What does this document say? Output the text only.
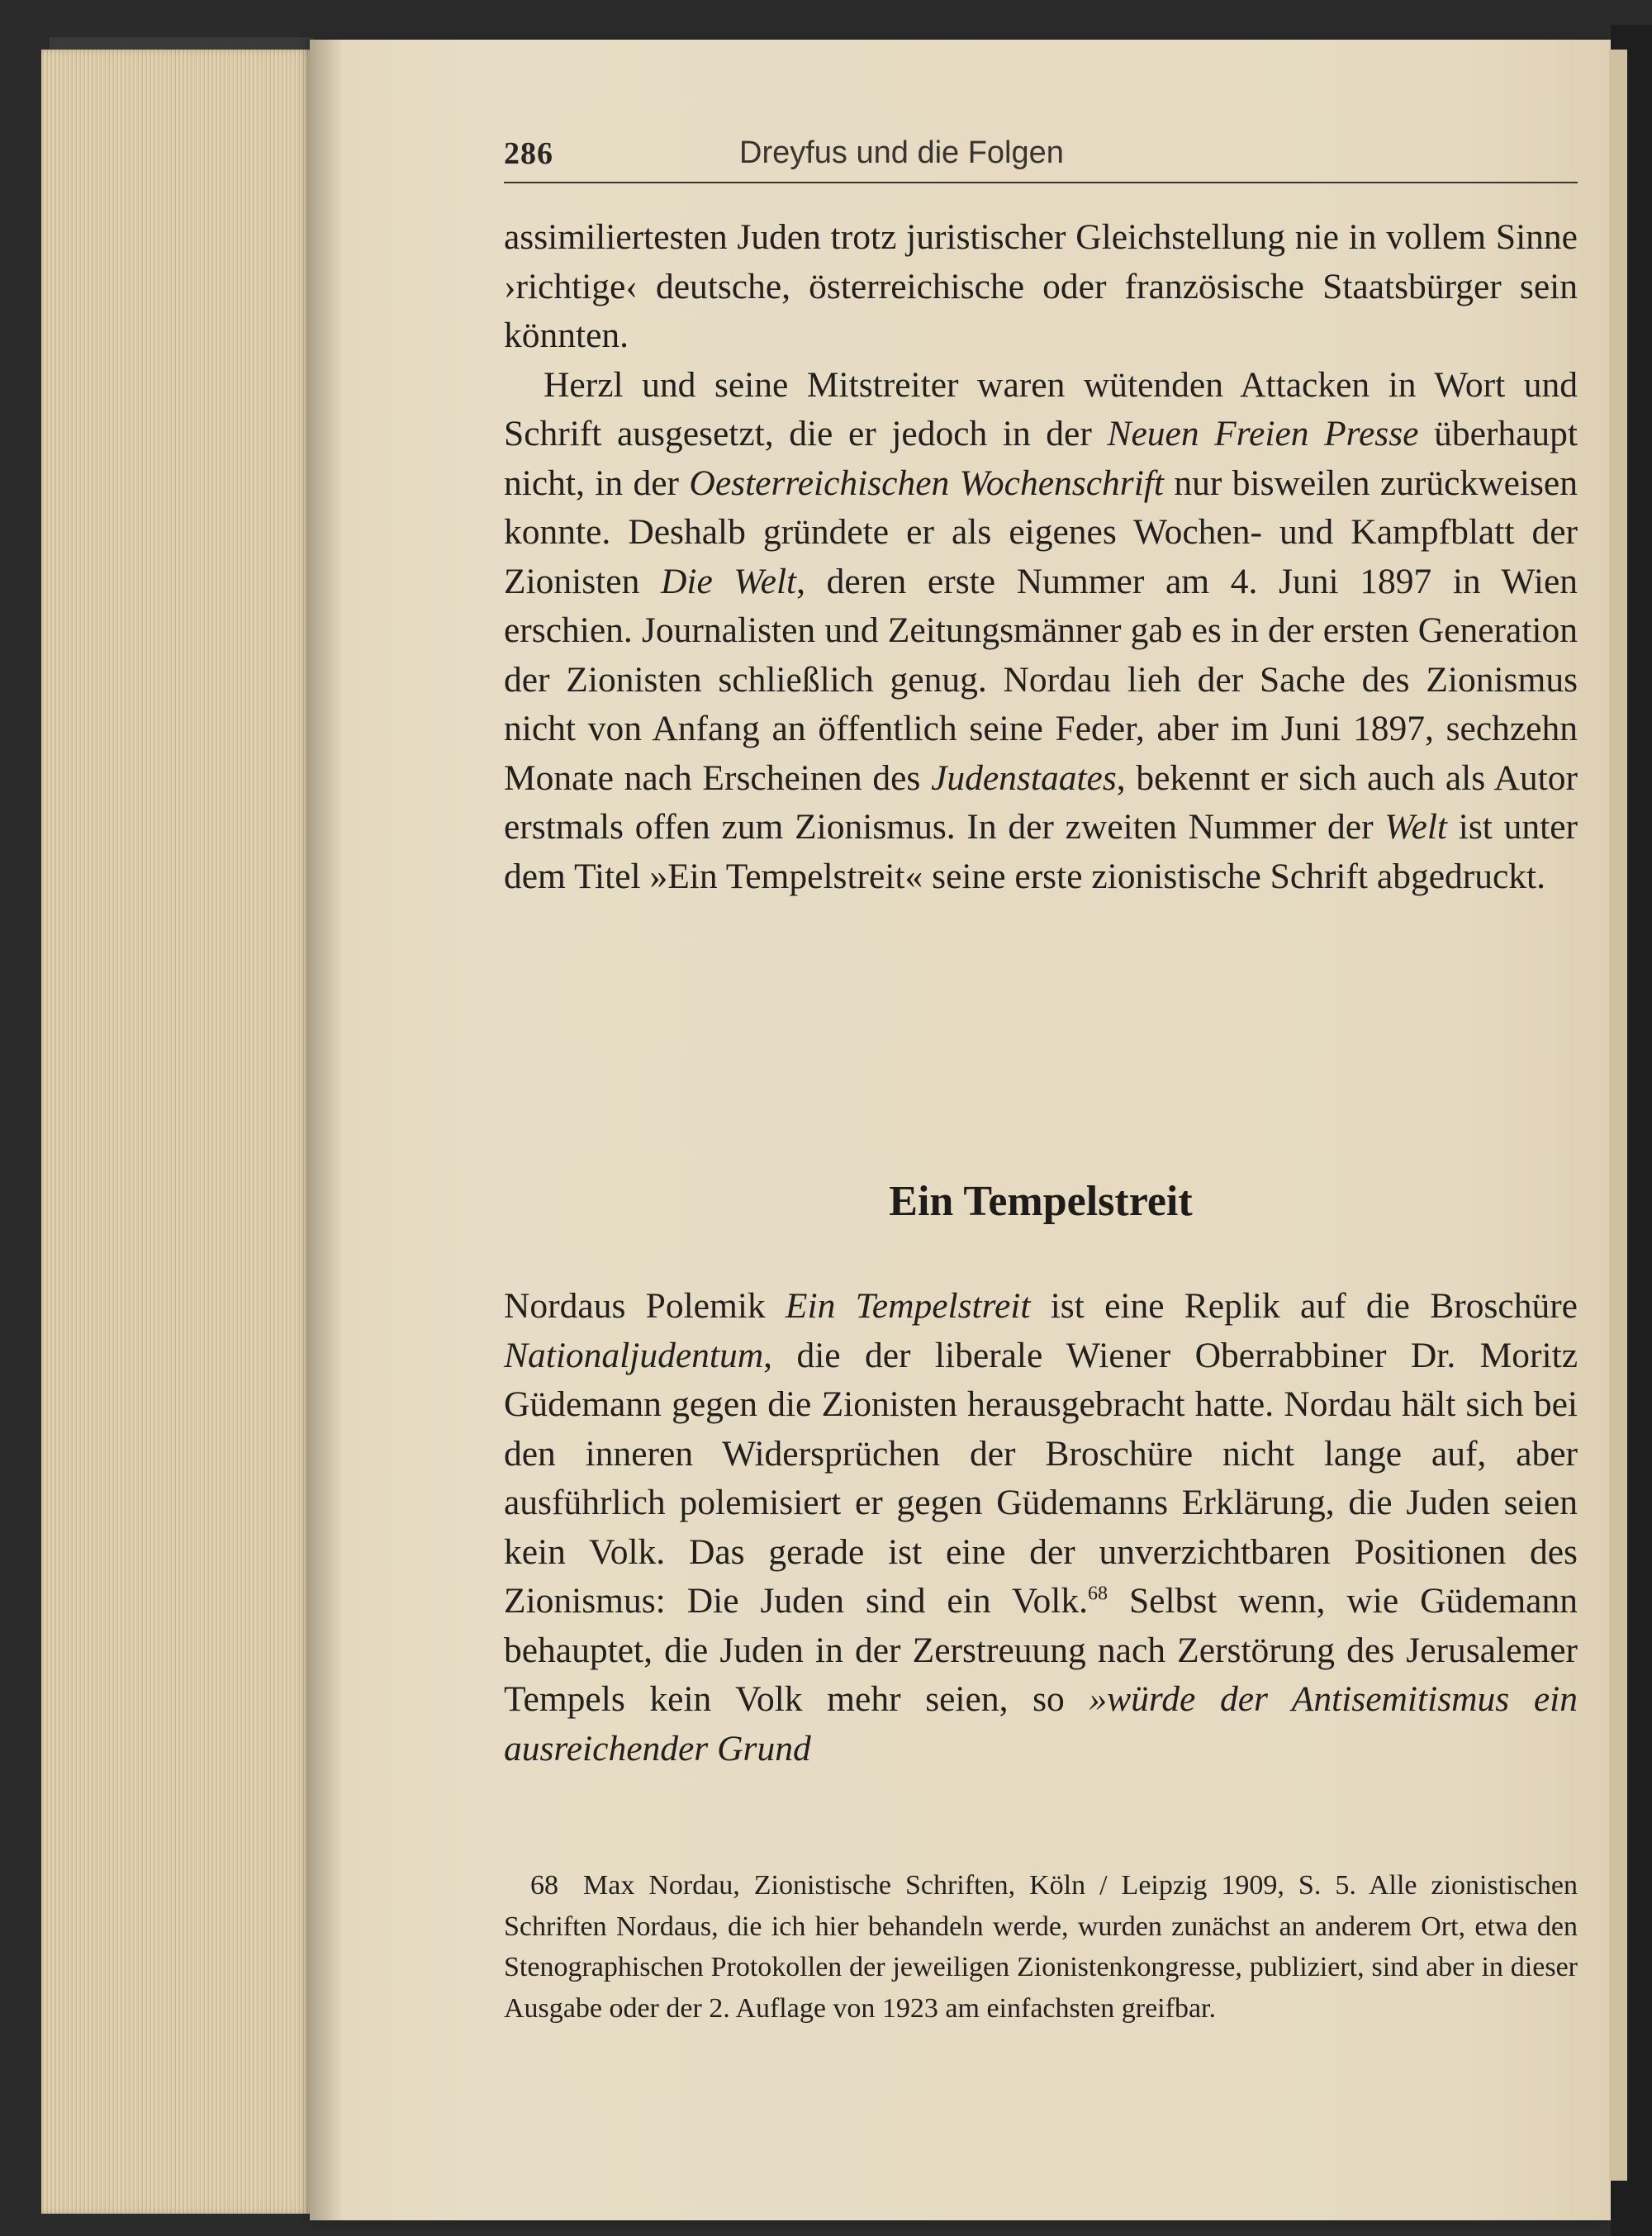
286	Dreyfus und die Folgen

assimiliertesten Juden trotz juristischer Gleichstellung nie in vollem Sinne ›richtige‹ deutsche, österreichische oder französische Staatsbürger sein könnten.

Herzl und seine Mitstreiter waren wütenden Attacken in Wort und Schrift ausgesetzt, die er jedoch in der Neuen Freien Presse überhaupt nicht, in der Oesterreichischen Wochenschrift nur bisweilen zurückweisen konnte. Deshalb gründete er als eigenes Wochen- und Kampfblatt der Zionisten Die Welt, deren erste Nummer am 4. Juni 1897 in Wien erschien. Journalisten und Zeitungsmänner gab es in der ersten Generation der Zionisten schließlich genug. Nordau lieh der Sache des Zionismus nicht von Anfang an öffentlich seine Feder, aber im Juni 1897, sechzehn Monate nach Erscheinen des Judenstaates, bekennt er sich auch als Autor erstmals offen zum Zionismus. In der zweiten Nummer der Welt ist unter dem Titel »Ein Tempelstreit« seine erste zionistische Schrift abgedruckt.

Ein Tempelstreit

Nordaus Polemik Ein Tempelstreit ist eine Replik auf die Broschüre Nationaljudentum, die der liberale Wiener Oberrabbiner Dr. Moritz Güdemann gegen die Zionisten herausgebracht hatte. Nordau hält sich bei den inneren Widersprüchen der Broschüre nicht lange auf, aber ausführlich polemisiert er gegen Güdemanns Erklärung, die Juden seien kein Volk. Das gerade ist eine der unverzichtbaren Positionen des Zionismus: Die Juden sind ein Volk.$^{68}$ Selbst wenn, wie Güdemann behauptet, die Juden in der Zerstreuung nach Zerstörung des Jerusalemer Tempels kein Volk mehr seien, so »würde der Antisemitismus ein ausreichender Grund

68 Max Nordau, Zionistische Schriften, Köln / Leipzig 1909, S. 5. Alle zionistischen Schriften Nordaus, die ich hier behandeln werde, wurden zunächst an anderem Ort, etwa den Stenographischen Protokollen der jeweiligen Zionistenkongresse, publiziert, sind aber in dieser Ausgabe oder der 2. Auflage von 1923 am einfachsten greifbar.
